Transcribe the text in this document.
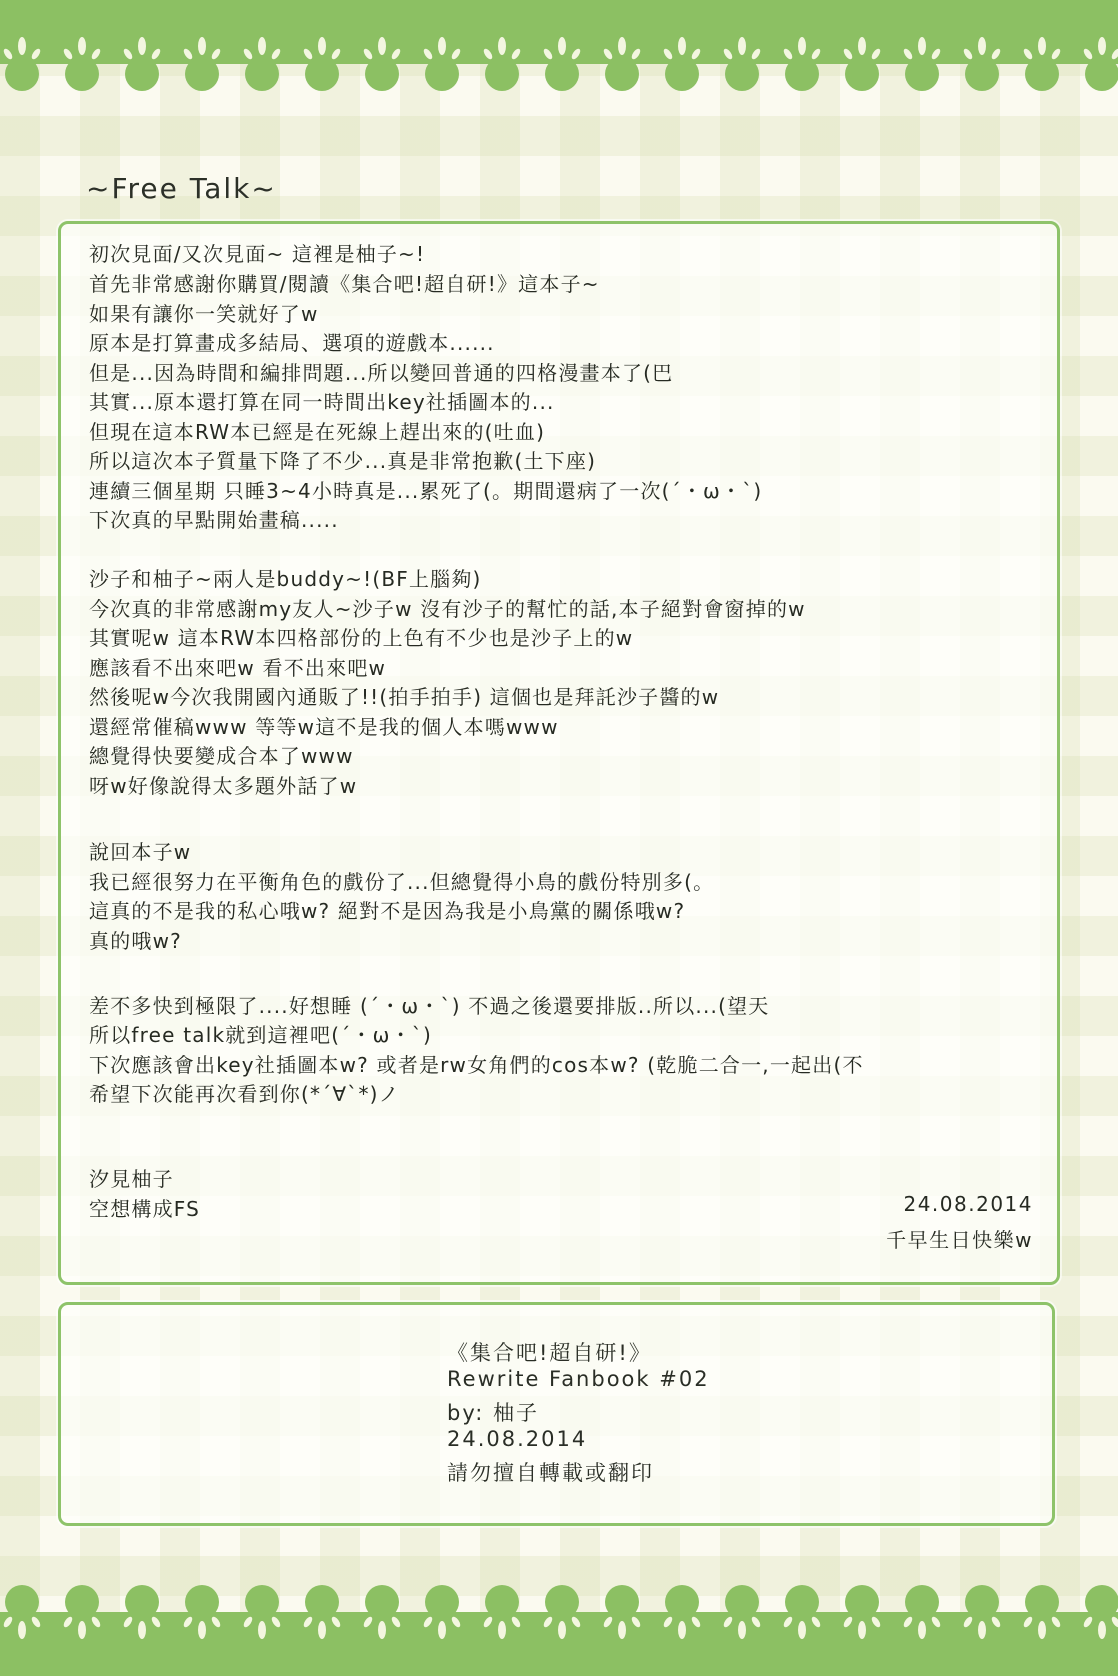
~Free Talk~
初次見面/又次見面~ 這裡是柚子~!
首先非常感謝你購買/閱讀《集合吧!超自研!》這本子~
如果有讓你一笑就好了w
原本是打算畫成多結局、選項的遊戲本......
但是...因為時間和編排問題...所以變回普通的四格漫畫本了(巴
其實...原本還打算在同一時間出key社插圖本的...
但現在這本RW本已經是在死線上趕出來的(吐血)
所以這次本子質量下降了不少...真是非常抱歉(土下座)
連續三個星期 只睡3~4小時真是...累死了(。期間還病了一次(´・ω・`)
下次真的早點開始畫稿.....
沙子和柚子~兩人是buddy~!(BF上腦夠)
今次真的非常感謝my友人~沙子w 沒有沙子的幫忙的話,本子絕對會窗掉的w
其實呢w 這本RW本四格部份的上色有不少也是沙子上的w
應該看不出來吧w 看不出來吧w
然後呢w今次我開國內通販了!!(拍手拍手) 這個也是拜託沙子醬的w
還經常催稿www 等等w這不是我的個人本嗎www
總覺得快要變成合本了www
呀w好像說得太多題外話了w
說回本子w
我已經很努力在平衡角色的戲份了...但總覺得小鳥的戲份特別多(。
這真的不是我的私心哦w? 絕對不是因為我是小鳥黨的關係哦w?
真的哦w?
差不多快到極限了....好想睡 (´・ω・`) 不過之後還要排版..所以...(望天
所以free talk就到這裡吧(´・ω・`)
下次應該會出key社插圖本w? 或者是rw女角們的cos本w? (乾脆二合一,一起出(不
希望下次能再次看到你(*´∀`*)ノ
汐見柚子
空想構成FS	24.08.2014
千早生日快樂w
《集合吧!超自研!》
Rewrite Fanbook #02
by: 柚子
24.08.2014
請勿擅自轉載或翻印
